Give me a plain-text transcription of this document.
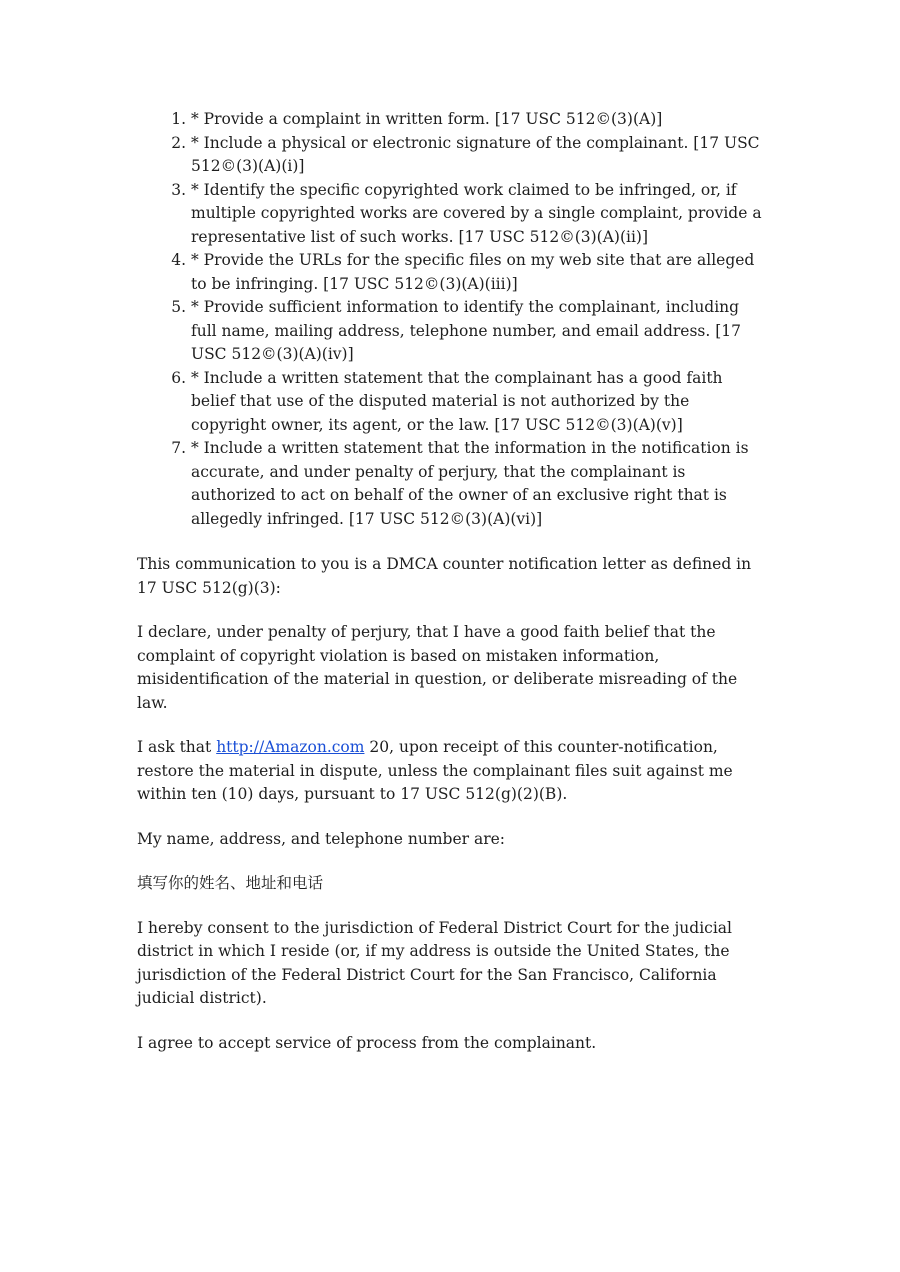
1. * Provide a complaint in written form. [17 USC 512©(3)(A)]
2. * Include a physical or electronic signature of the complainant. [17 USC 512©(3)(A)(i)]
3. * Identify the specific copyrighted work claimed to be infringed, or, if multiple copyrighted works are covered by a single complaint, provide a representative list of such works. [17 USC 512©(3)(A)(ii)]
4. * Provide the URLs for the specific files on my web site that are alleged to be infringing. [17 USC 512©(3)(A)(iii)]
5. * Provide sufficient information to identify the complainant, including full name, mailing address, telephone number, and email address. [17 USC 512©(3)(A)(iv)]
6. * Include a written statement that the complainant has a good faith belief that use of the disputed material is not authorized by the copyright owner, its agent, or the law. [17 USC 512©(3)(A)(v)]
7. * Include a written statement that the information in the notification is accurate, and under penalty of perjury, that the complainant is authorized to act on behalf of the owner of an exclusive right that is allegedly infringed. [17 USC 512©(3)(A)(vi)]

This communication to you is a DMCA counter notification letter as defined in 17 USC 512(g)(3):

I declare, under penalty of perjury, that I have a good faith belief that the complaint of copyright violation is based on mistaken information, misidentification of the material in question, or deliberate misreading of the law.

I ask that http://Amazon.com 20, upon receipt of this counter-notification, restore the material in dispute, unless the complainant files suit against me within ten (10) days, pursuant to 17 USC 512(g)(2)(B).

My name, address, and telephone number are:

填写你的姓名、地址和电话

I hereby consent to the jurisdiction of Federal District Court for the judicial district in which I reside (or, if my address is outside the United States, the jurisdiction of the Federal District Court for the San Francisco, California judicial district).

I agree to accept service of process from the complainant.
